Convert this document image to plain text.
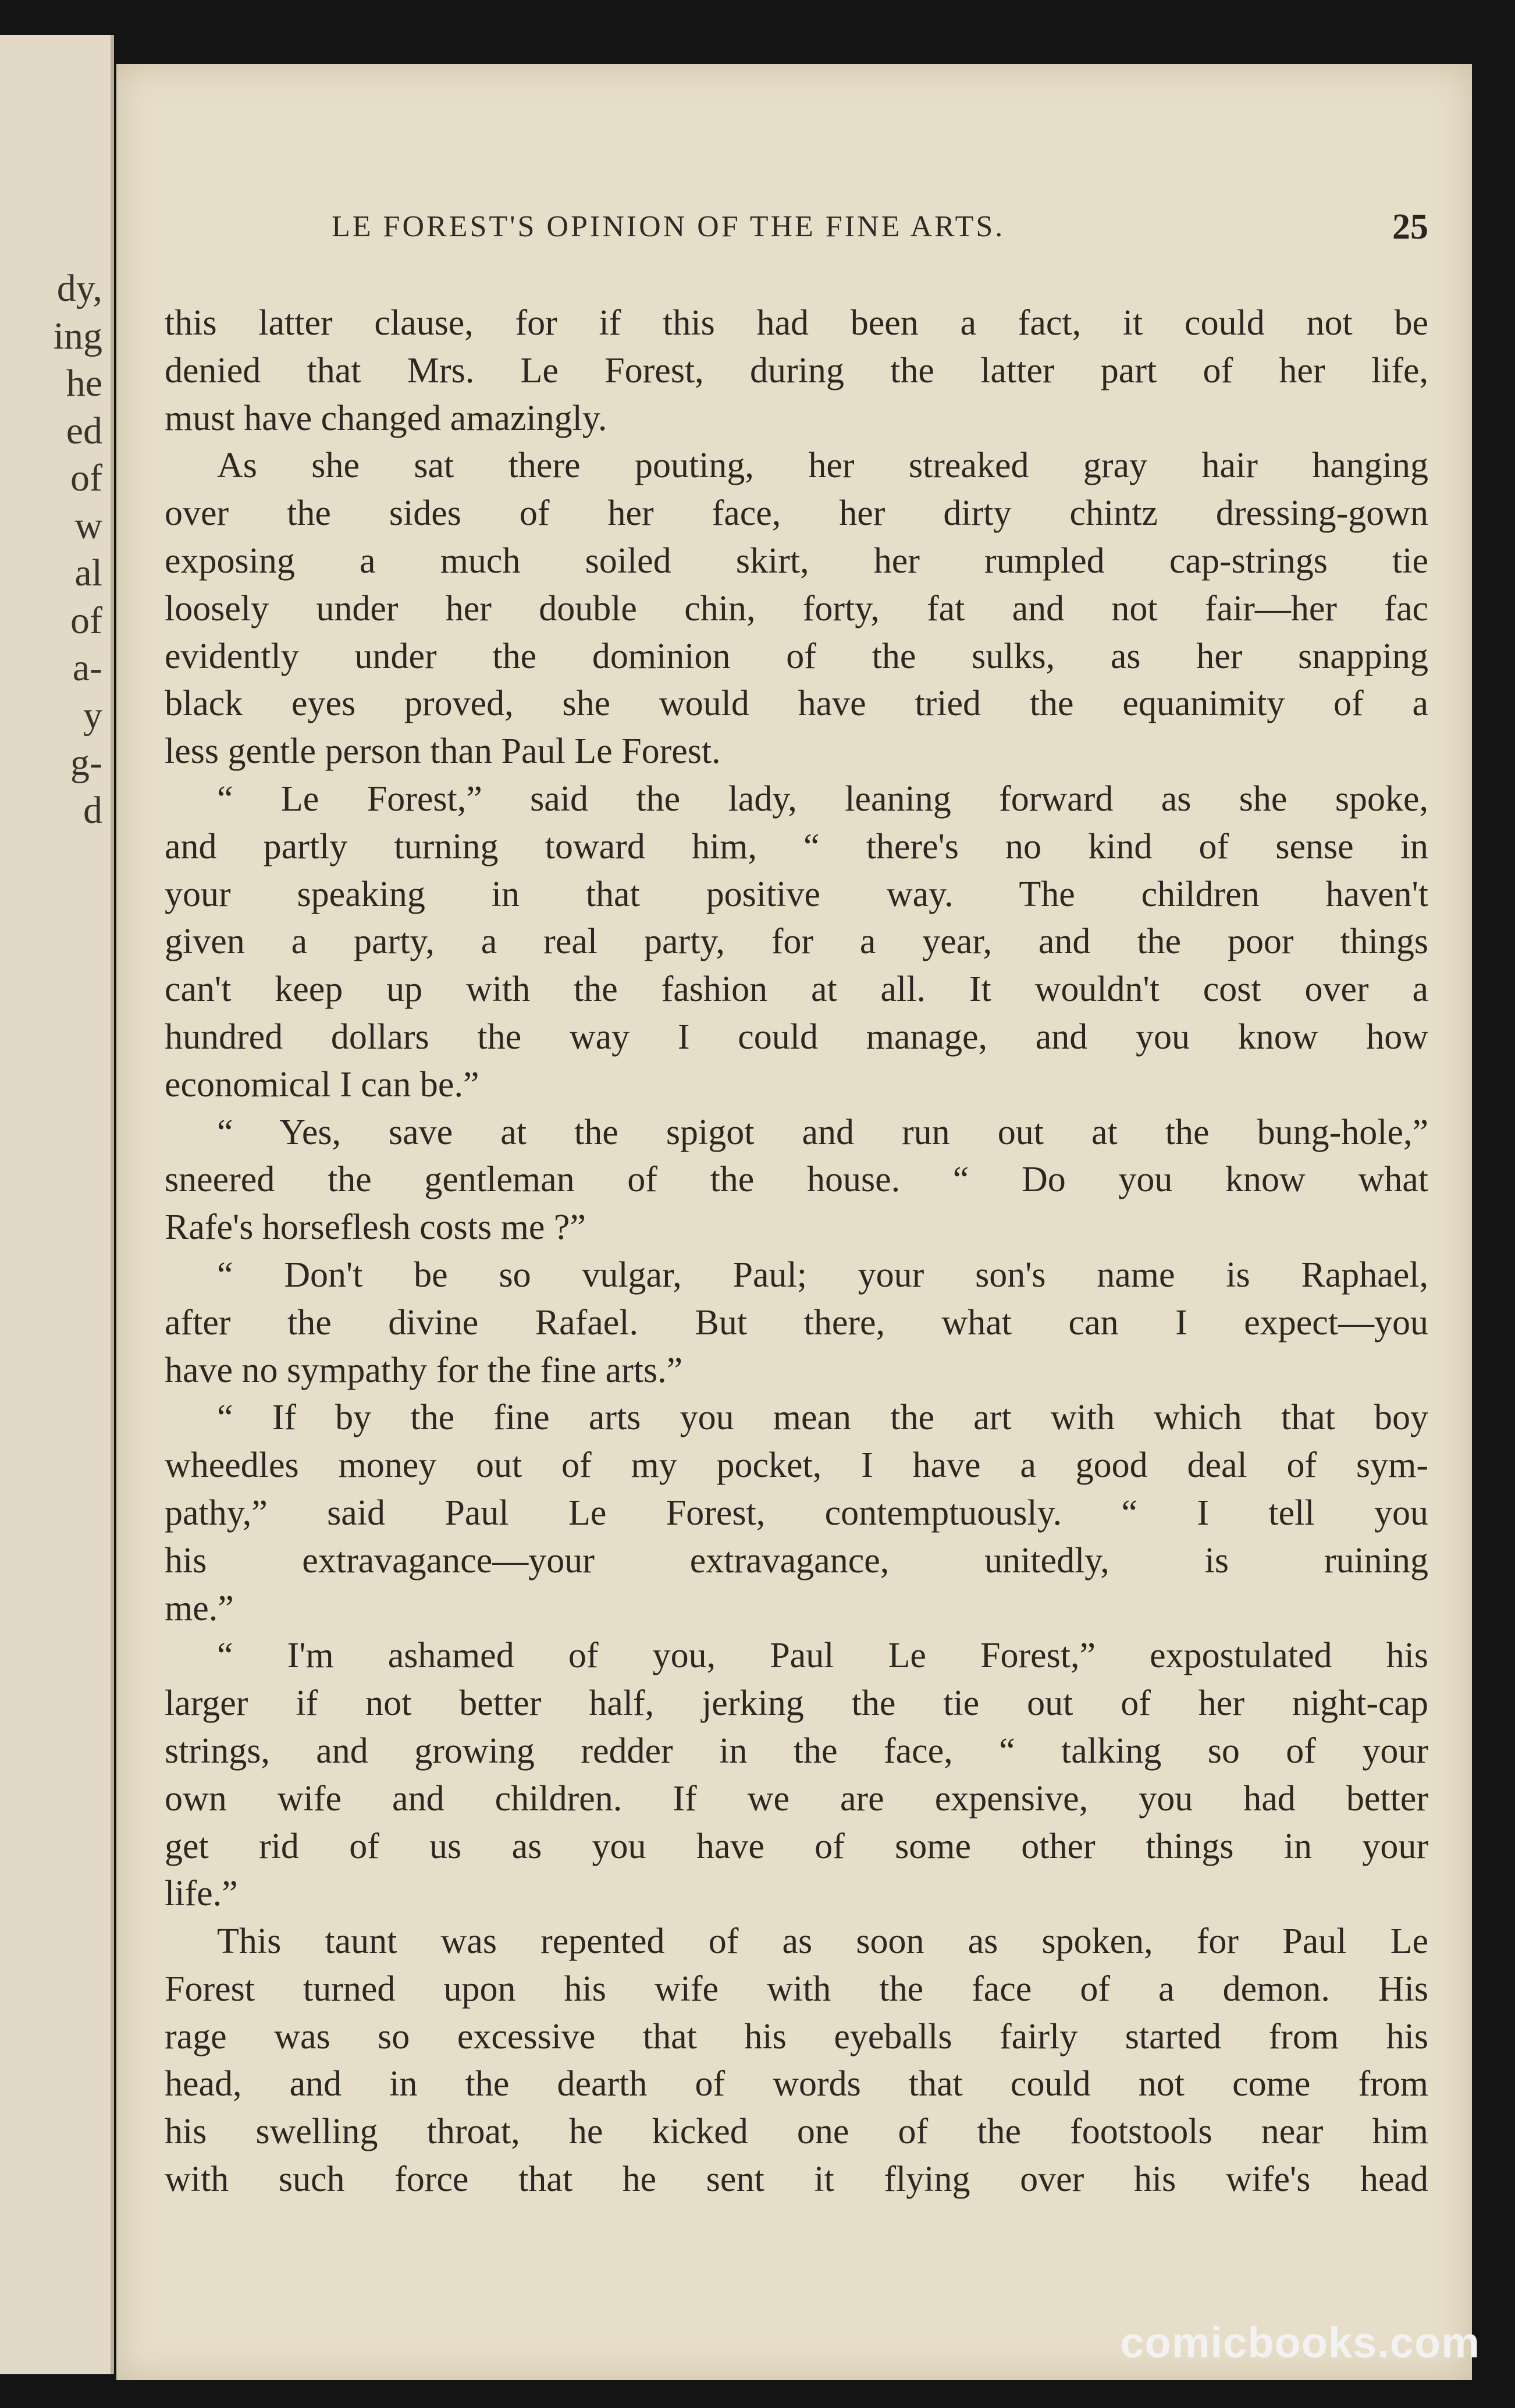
dy,
ing
he
ed
of
w
al
of
a-
y
g-
d
LE FOREST'S OPINION OF THE FINE ARTS.	25
this latter clause, for if this had been a fact, it could not be
denied that Mrs. Le Forest, during the latter part of her life,
must have changed amazingly.
As she sat there pouting, her streaked gray hair hanging
over the sides of her face, her dirty chintz dressing-gown
exposing a much soiled skirt, her rumpled cap-strings tie
loosely under her double chin, forty, fat and not fair—her fac
evidently under the dominion of the sulks, as her snapping
black eyes proved, she would have tried the equanimity of a
less gentle person than Paul Le Forest.
“ Le Forest,” said the lady, leaning forward as she spoke,
and partly turning toward him, “ there's no kind of sense in
your speaking in that positive way. The children haven't
given a party, a real party, for a year, and the poor things
can't keep up with the fashion at all. It wouldn't cost over a
hundred dollars the way I could manage, and you know how
economical I can be.”
“ Yes, save at the spigot and run out at the bung-hole,”
sneered the gentleman of the house. “ Do you know what
Rafe's horseflesh costs me ?”
“ Don't be so vulgar, Paul; your son's name is Raphael,
after the divine Rafael. But there, what can I expect—you
have no sympathy for the fine arts.”
“ If by the fine arts you mean the art with which that boy
wheedles money out of my pocket, I have a good deal of sym-
pathy,” said Paul Le Forest, contemptuously. “ I tell you
his extravagance—your extravagance, unitedly, is ruining
me.”
“ I'm ashamed of you, Paul Le Forest,” expostulated his
larger if not better half, jerking the tie out of her night-cap
strings, and growing redder in the face, “ talking so of your
own wife and children. If we are expensive, you had better
get rid of us as you have of some other things in your
life.”
This taunt was repented of as soon as spoken, for Paul Le
Forest turned upon his wife with the face of a demon. His
rage was so excessive that his eyeballs fairly started from his
head, and in the dearth of words that could not come from
his swelling throat, he kicked one of the footstools near him
with such force that he sent it flying over his wife's head
comicbooks.com
